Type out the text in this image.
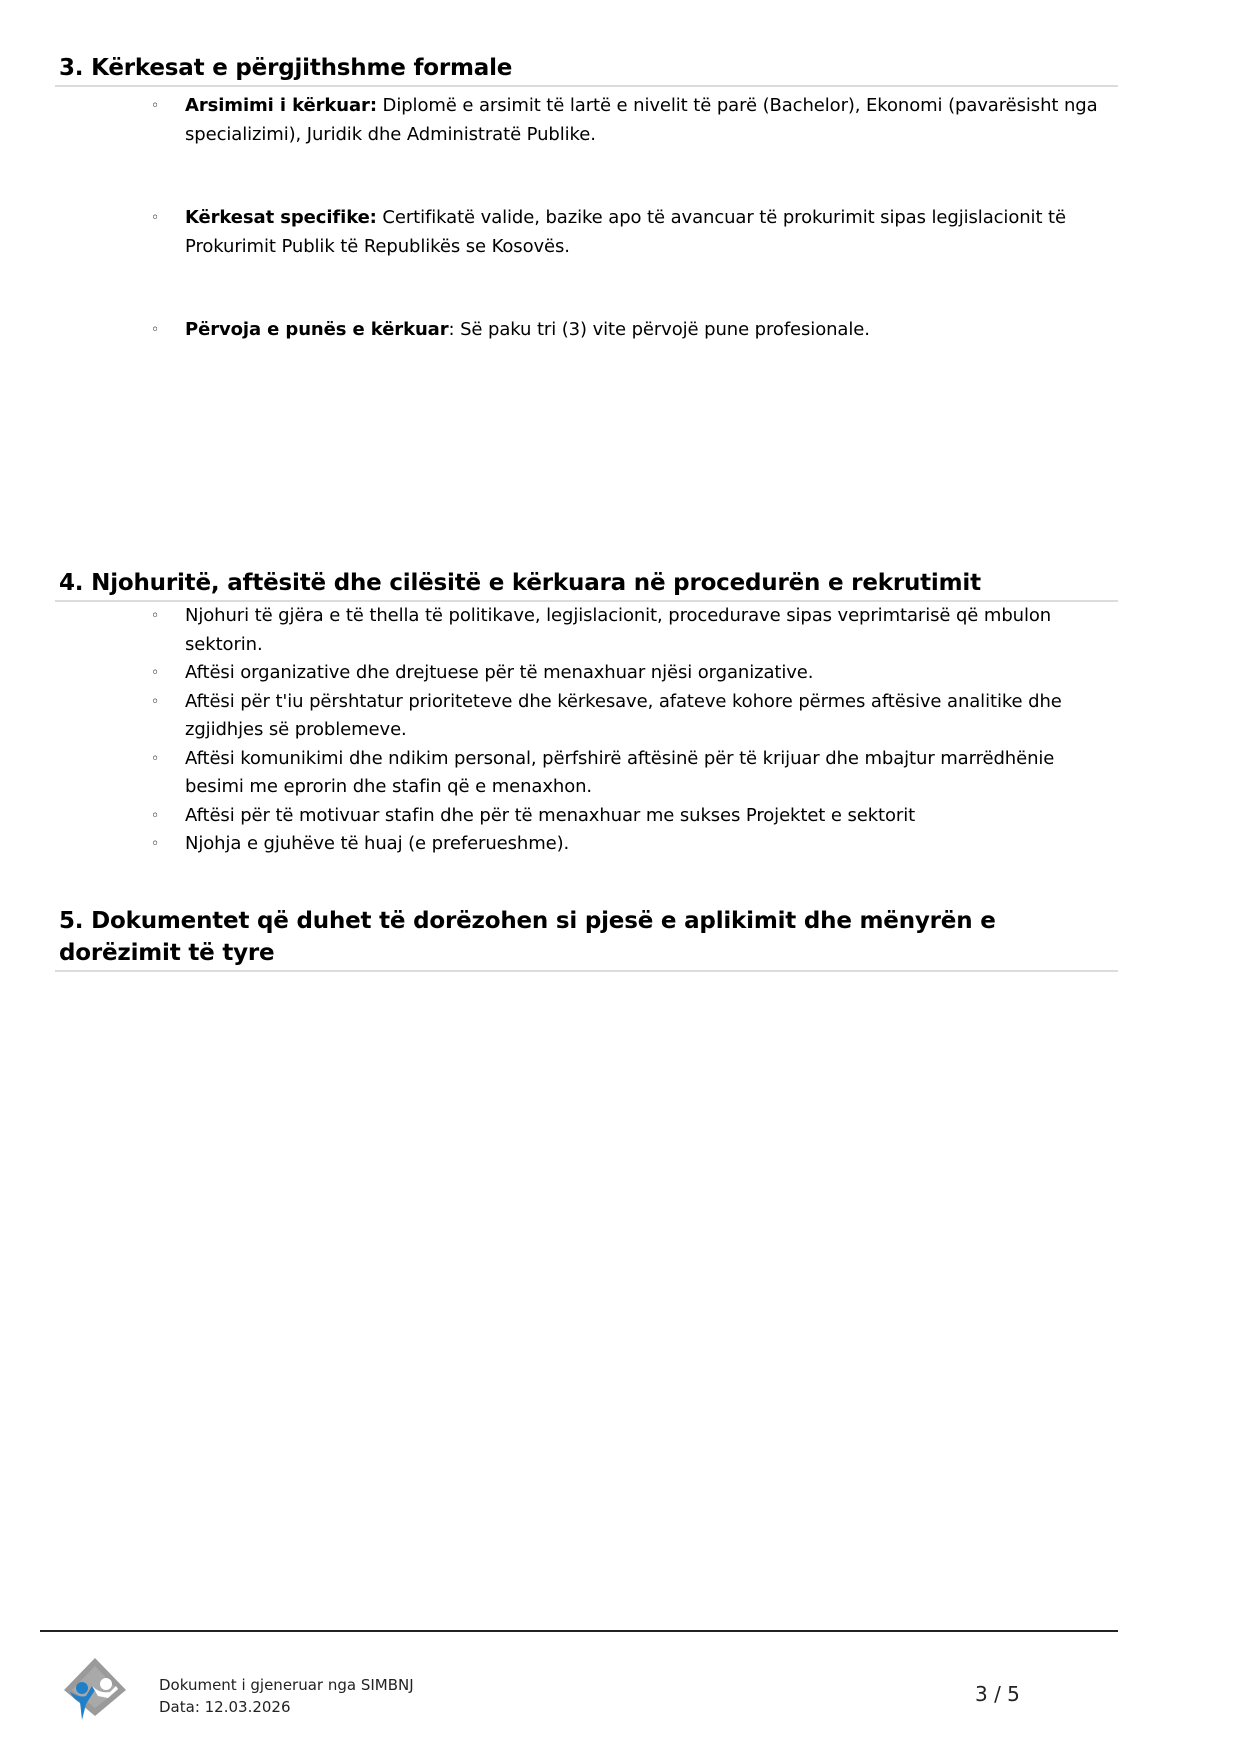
3. Kërkesat e përgjithshme formale
◦ Arsimimi i kërkuar: Diplomë e arsimit të lartë e nivelit të parë (Bachelor), Ekonomi (pavarësisht nga specializimi), Juridik dhe Administratë Publike.
◦ Kërkesat specifike: Certifikatë valide, bazike apo të avancuar të prokurimit sipas legjislacionit të Prokurimit Publik të Republikës se Kosovës.
◦ Përvoja e punës e kërkuar: Së paku tri (3) vite përvojë pune profesionale.
4. Njohuritë, aftësitë dhe cilësitë e kërkuara në procedurën e rekrutimit
◦ Njohuri të gjëra e të thella të politikave, legjislacionit, procedurave sipas veprimtarisë që mbulon sektorin.
◦ Aftësi organizative dhe drejtuese për të menaxhuar njësi organizative.
◦ Aftësi për t'iu përshtatur prioriteteve dhe kërkesave, afateve kohore përmes aftësive analitike dhe zgjidhjes së problemeve.
◦ Aftësi komunikimi dhe ndikim personal, përfshirë aftësinë për të krijuar dhe mbajtur marrëdhënie besimi me eprorin dhe stafin që e menaxhon.
◦ Aftësi për të motivuar stafin dhe për të menaxhuar me sukses Projektet e sektorit
◦ Njohja e gjuhëve të huaj (e preferueshme).
5. Dokumentet që duhet të dorëzohen si pjesë e aplikimit dhe mënyrën e dorëzimit të tyre
Dokument i gjeneruar nga SIMBNJ
Data: 12.03.2026
3 / 5
